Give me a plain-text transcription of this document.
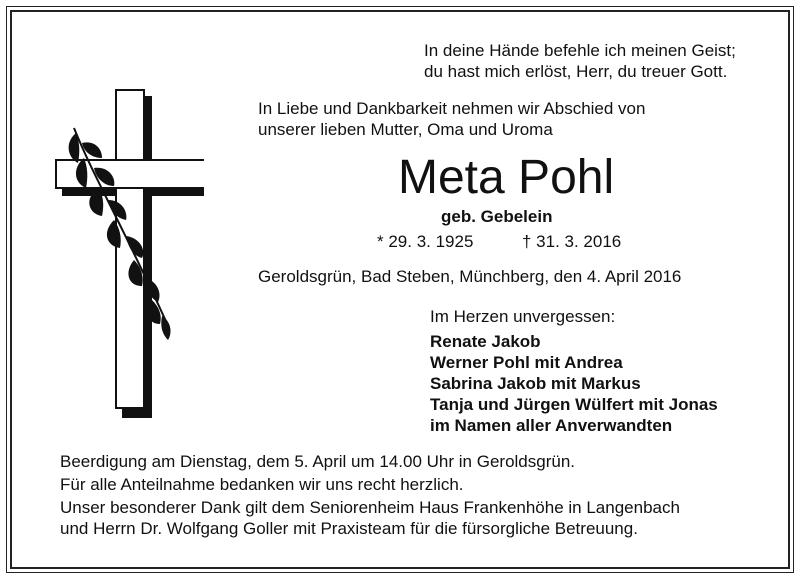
In deine Hände befehle ich meinen Geist;
du hast mich erlöst, Herr, du treuer Gott.
In Liebe und Dankbarkeit nehmen wir Abschied von
unserer lieben Mutter, Oma und Uroma
Meta Pohl
geb. Gebelein
* 29. 3. 1925	† 31. 3. 2016
Geroldsgrün, Bad Steben, Münchberg, den 4. April 2016
Im Herzen unvergessen:
Renate Jakob
Werner Pohl mit Andrea
Sabrina Jakob mit Markus
Tanja und Jürgen Wülfert mit Jonas
im Namen aller Anverwandten
Beerdigung am Dienstag, dem 5. April um 14.00 Uhr in Geroldsgrün.
Für alle Anteilnahme bedanken wir uns recht herzlich.
Unser besonderer Dank gilt dem Seniorenheim Haus Frankenhöhe in Langenbach
und Herrn Dr. Wolfgang Goller mit Praxisteam für die fürsorgliche Betreuung.
